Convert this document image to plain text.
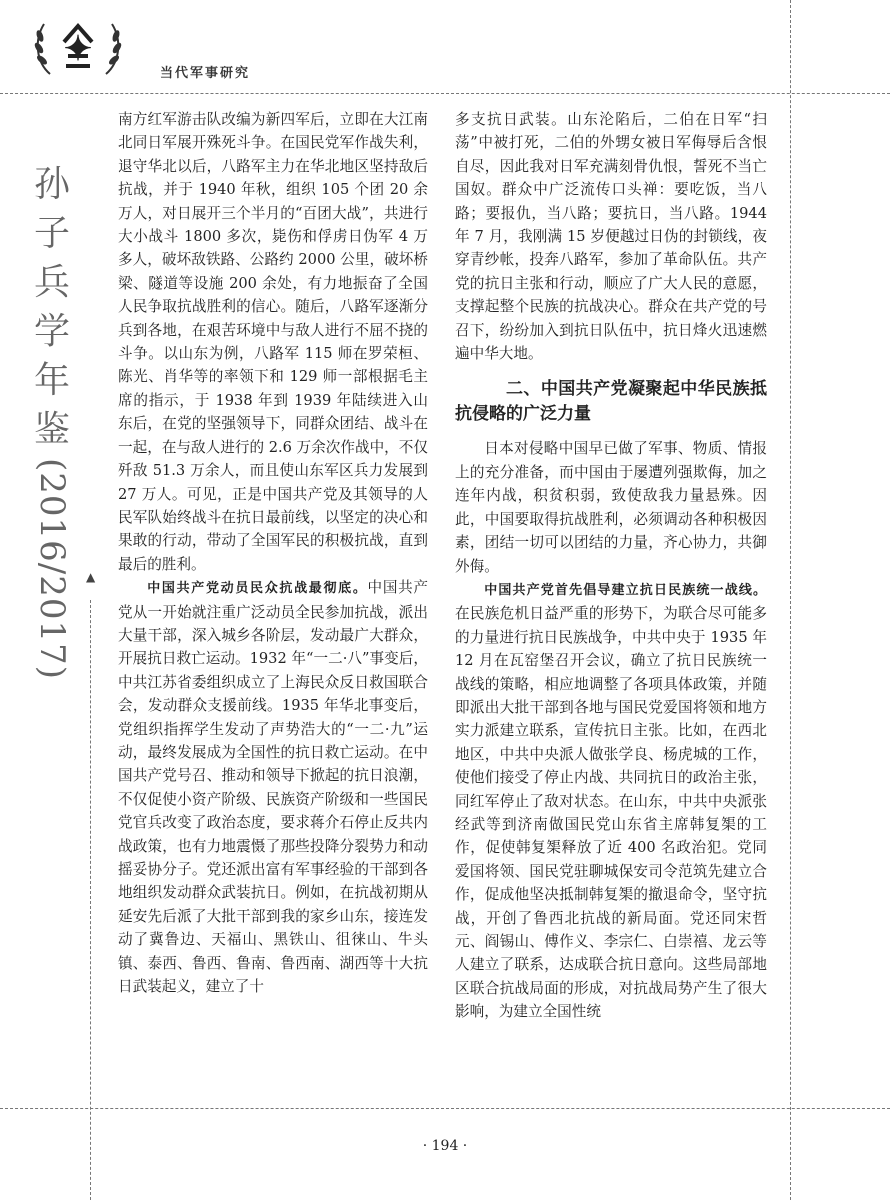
✦
当代军事研究
孙
子
兵
学
年
鉴
(2016/2017)	▲

南方红军游击队改编为新四军后，立即在大江南北同日军展开殊死斗争。在国民党军作战失利，退守华北以后，八路军主力在华北地区坚持敌后抗战，并于 1940 年秋，组织 105 个团 20 余万人，对日展开三个半月的“百团大战”，共进行大小战斗 1800 多次，毙伤和俘虏日伪军 4 万多人，破坏敌铁路、公路约 2000 公里，破坏桥梁、隧道等设施 200 余处，有力地振奋了全国人民争取抗战胜利的信心。随后，八路军逐渐分兵到各地，在艰苦环境中与敌人进行不屈不挠的斗争。以山东为例，八路军 115 师在罗荣桓、陈光、肖华等的率领下和 129 师一部根据毛主席的指示，于 1938 年到 1939 年陆续进入山东后，在党的坚强领导下，同群众团结、战斗在一起，在与敌人进行的 2.6 万余次作战中，不仅歼敌 51.3 万余人，而且使山东军区兵力发展到 27 万人。可见，正是中国共产党及其领导的人民军队始终战斗在抗日最前线，以坚定的决心和果敢的行动，带动了全国军民的积极抗战，直到最后的胜利。

中国共产党动员民众抗战最彻底。中国共产党从一开始就注重广泛动员全民参加抗战，派出大量干部，深入城乡各阶层，发动最广大群众，开展抗日救亡运动。1932 年“一二·八”事变后，中共江苏省委组织成立了上海民众反日救国联合会，发动群众支援前线。1935 年华北事变后，党组织指挥学生发动了声势浩大的“一二·九”运动，最终发展成为全国性的抗日救亡运动。在中国共产党号召、推动和领导下掀起的抗日浪潮，不仅促使小资产阶级、民族资产阶级和一些国民党官兵改变了政治态度，要求蒋介石停止反共内战政策，也有力地震慑了那些投降分裂势力和动摇妥协分子。党还派出富有军事经验的干部到各地组织发动群众武装抗日。例如，在抗战初期从延安先后派了大批干部到我的家乡山东，接连发动了冀鲁边、天福山、黑铁山、徂徕山、牛头镇、泰西、鲁西、鲁南、鲁西南、湖西等十大抗日武装起义，建立了十

多支抗日武装。山东沦陷后，二伯在日军“扫荡”中被打死，二伯的外甥女被日军侮辱后含恨自尽，因此我对日军充满刻骨仇恨，誓死不当亡国奴。群众中广泛流传口头禅：要吃饭，当八路；要报仇，当八路；要抗日，当八路。1944 年 7 月，我刚满 15 岁便越过日伪的封锁线，夜穿青纱帐，投奔八路军，参加了革命队伍。共产党的抗日主张和行动，顺应了广大人民的意愿，支撑起整个民族的抗战决心。群众在共产党的号召下，纷纷加入到抗日队伍中，抗日烽火迅速燃遍中华大地。

二、中国共产党凝聚起中华民族抵抗侵略的广泛力量

日本对侵略中国早已做了军事、物质、情报上的充分准备，而中国由于屡遭列强欺侮，加之连年内战，积贫积弱，致使敌我力量悬殊。因此，中国要取得抗战胜利，必须调动各种积极因素，团结一切可以团结的力量，齐心协力，共御外侮。

中国共产党首先倡导建立抗日民族统一战线。在民族危机日益严重的形势下，为联合尽可能多的力量进行抗日民族战争，中共中央于 1935 年 12 月在瓦窑堡召开会议，确立了抗日民族统一战线的策略，相应地调整了各项具体政策，并随即派出大批干部到各地与国民党爱国将领和地方实力派建立联系，宣传抗日主张。比如，在西北地区，中共中央派人做张学良、杨虎城的工作，使他们接受了停止内战、共同抗日的政治主张，同红军停止了敌对状态。在山东，中共中央派张经武等到济南做国民党山东省主席韩复榘的工作，促使韩复榘释放了近 400 名政治犯。党同爱国将领、国民党驻聊城保安司令范筑先建立合作，促成他坚决抵制韩复榘的撤退命令，坚守抗战，开创了鲁西北抗战的新局面。党还同宋哲元、阎锡山、傅作义、李宗仁、白崇禧、龙云等人建立了联系，达成联合抗日意向。这些局部地区联合抗战局面的形成，对抗战局势产生了很大影响，为建立全国性统

· 194 ·
